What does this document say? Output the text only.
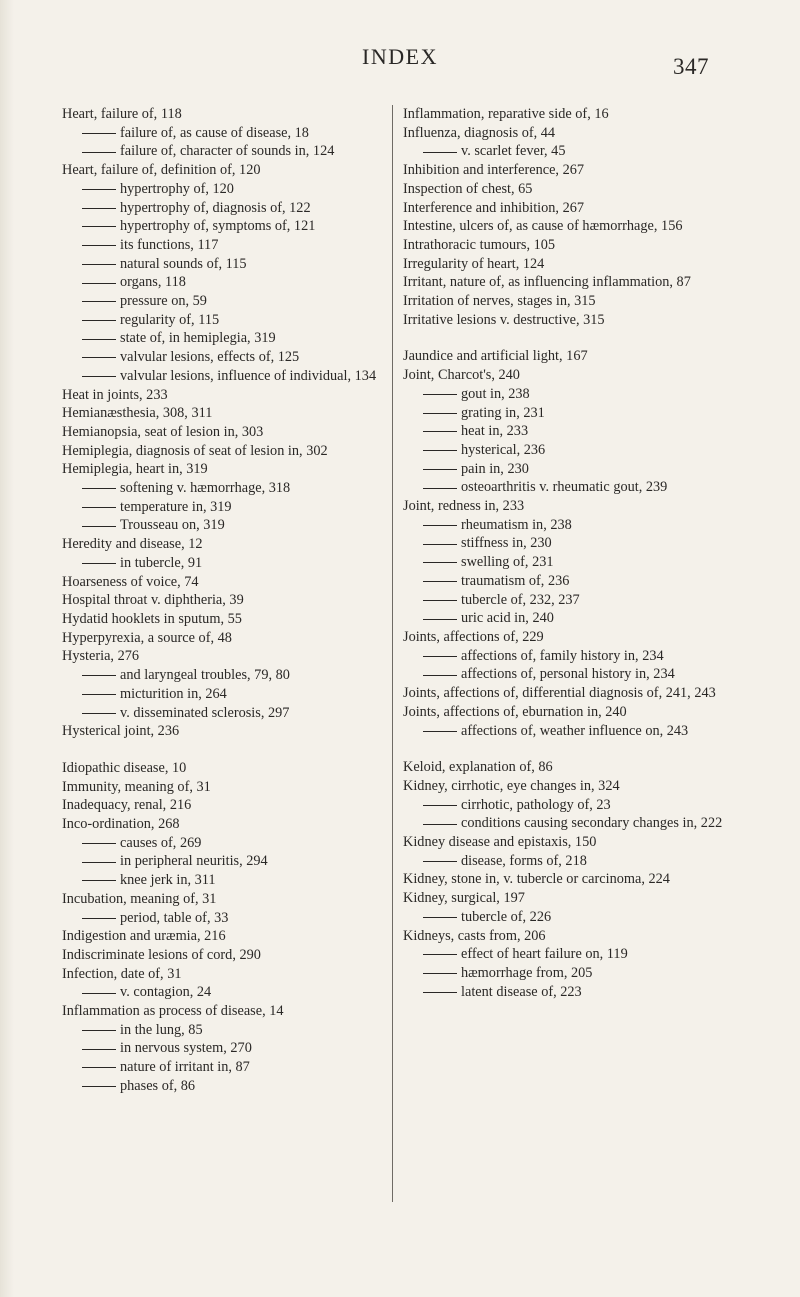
INDEX	347
Heart, failure of, 118
failure of, as cause of disease, 18
failure of, character of sounds in, 124
Heart, failure of, definition of, 120
hypertrophy of, 120
hypertrophy of, diagnosis of, 122
hypertrophy of, symptoms of, 121
its functions, 117
natural sounds of, 115
organs, 118
pressure on, 59
regularity of, 115
state of, in hemiplegia, 319
valvular lesions, effects of, 125
valvular lesions, influence of individual, 134
Heat in joints, 233
Hemianæsthesia, 308, 311
Hemianopsia, seat of lesion in, 303
Hemiplegia, diagnosis of seat of lesion in, 302
Hemiplegia, heart in, 319
softening v. hæmorrhage, 318
temperature in, 319
Trousseau on, 319
Heredity and disease, 12
in tubercle, 91
Hoarseness of voice, 74
Hospital throat v. diphtheria, 39
Hydatid hooklets in sputum, 55
Hyperpyrexia, a source of, 48
Hysteria, 276
and laryngeal troubles, 79, 80
micturition in, 264
v. disseminated sclerosis, 297
Hysterical joint, 236
Idiopathic disease, 10
Immunity, meaning of, 31
Inadequacy, renal, 216
Inco-ordination, 268
causes of, 269
in peripheral neuritis, 294
knee jerk in, 311
Incubation, meaning of, 31
period, table of, 33
Indigestion and uræmia, 216
Indiscriminate lesions of cord, 290
Infection, date of, 31
v. contagion, 24
Inflammation as process of disease, 14
in the lung, 85
in nervous system, 270
nature of irritant in, 87
phases of, 86
Inflammation, reparative side of, 16
Influenza, diagnosis of, 44
v. scarlet fever, 45
Inhibition and interference, 267
Inspection of chest, 65
Interference and inhibition, 267
Intestine, ulcers of, as cause of hæmorrhage, 156
Intrathoracic tumours, 105
Irregularity of heart, 124
Irritant, nature of, as influencing inflammation, 87
Irritation of nerves, stages in, 315
Irritative lesions v. destructive, 315
Jaundice and artificial light, 167
Joint, Charcot's, 240
gout in, 238
grating in, 231
heat in, 233
hysterical, 236
pain in, 230
osteoarthritis v. rheumatic gout, 239
Joint, redness in, 233
rheumatism in, 238
stiffness in, 230
swelling of, 231
traumatism of, 236
tubercle of, 232, 237
uric acid in, 240
Joints, affections of, 229
affections of, family history in, 234
affections of, personal history in, 234
Joints, affections of, differential diagnosis of, 241, 243
Joints, affections of, eburnation in, 240
affections of, weather influence on, 243
Keloid, explanation of, 86
Kidney, cirrhotic, eye changes in, 324
cirrhotic, pathology of, 23
conditions causing secondary changes in, 222
Kidney disease and epistaxis, 150
disease, forms of, 218
Kidney, stone in, v. tubercle or carcinoma, 224
Kidney, surgical, 197
tubercle of, 226
Kidneys, casts from, 206
effect of heart failure on, 119
hæmorrhage from, 205
latent disease of, 223
